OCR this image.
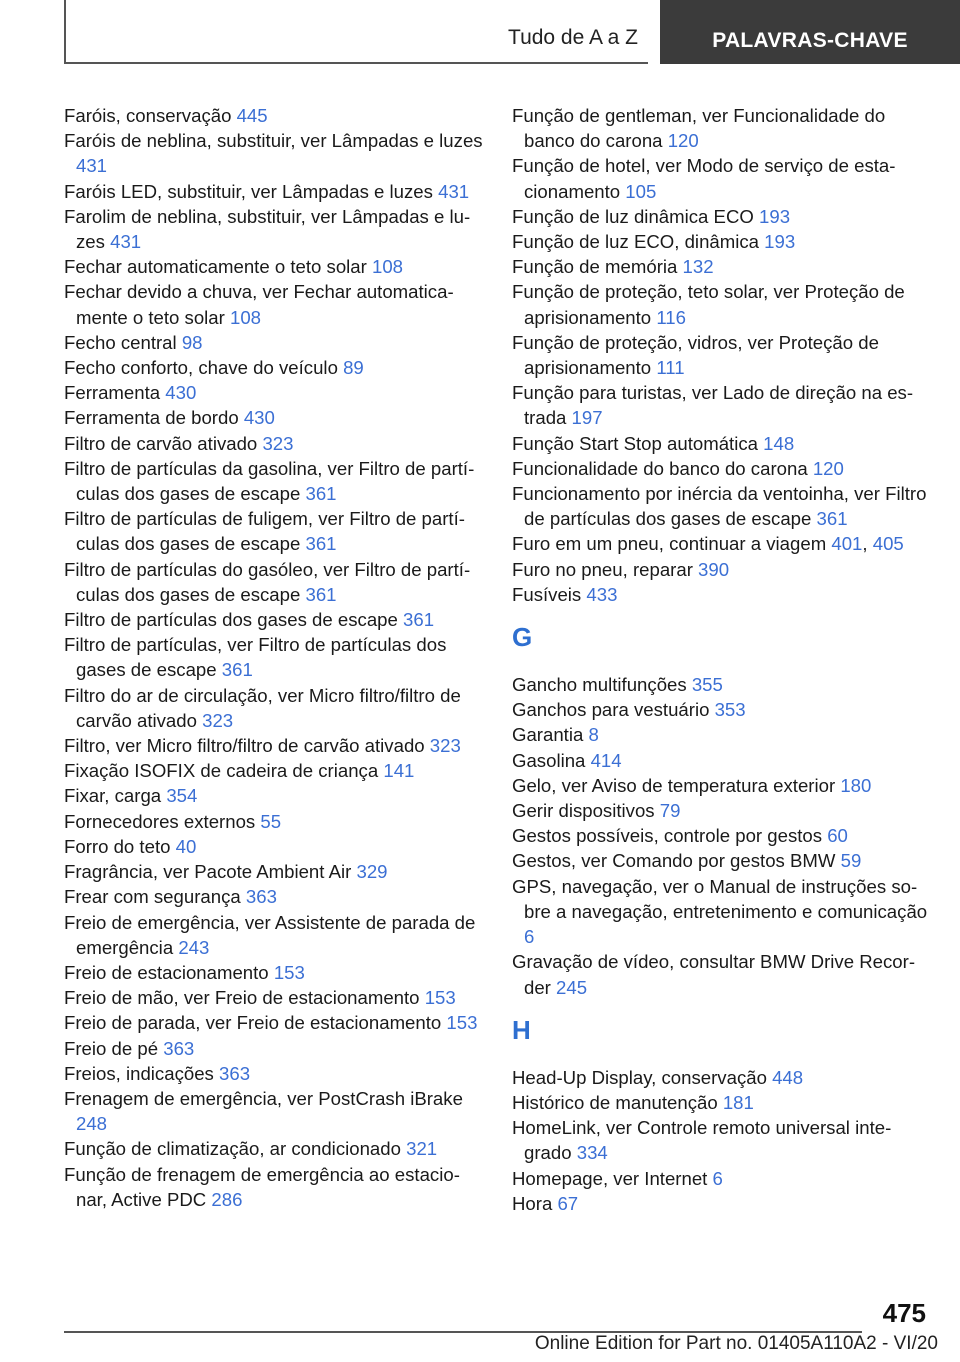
Tudo de A a Z	PALAVRAS-CHAVE
Faróis, conservação 445
Faróis de neblina, substituir, ver Lâmpadas e luzes 431
Faróis LED, substituir, ver Lâmpadas e luzes 431
Farolim de neblina, substituir, ver Lâmpadas e luzes 431
Fechar automaticamente o teto solar 108
Fechar devido a chuva, ver Fechar automaticamente o teto solar 108
Fecho central 98
Fecho conforto, chave do veículo 89
Ferramenta 430
Ferramenta de bordo 430
Filtro de carvão ativado 323
Filtro de partículas da gasolina, ver Filtro de partículas dos gases de escape 361
Filtro de partículas de fuligem, ver Filtro de partículas dos gases de escape 361
Filtro de partículas do gasóleo, ver Filtro de partículas dos gases de escape 361
Filtro de partículas dos gases de escape 361
Filtro de partículas, ver Filtro de partículas dos gases de escape 361
Filtro do ar de circulação, ver Micro filtro/filtro de carvão ativado 323
Filtro, ver Micro filtro/filtro de carvão ativado 323
Fixação ISOFIX de cadeira de criança 141
Fixar, carga 354
Fornecedores externos 55
Forro do teto 40
Fragrância, ver Pacote Ambient Air 329
Frear com segurança 363
Freio de emergência, ver Assistente de parada de emergência 243
Freio de estacionamento 153
Freio de mão, ver Freio de estacionamento 153
Freio de parada, ver Freio de estacionamento 153
Freio de pé 363
Freios, indicações 363
Frenagem de emergência, ver PostCrash iBrake 248
Função de climatização, ar condicionado 321
Função de frenagem de emergência ao estacionar, Active PDC 286
Função de gentleman, ver Funcionalidade do banco do carona 120
Função de hotel, ver Modo de serviço de estacionamento 105
Função de luz dinâmica ECO 193
Função de luz ECO, dinâmica 193
Função de memória 132
Função de proteção, teto solar, ver Proteção de aprisionamento 116
Função de proteção, vidros, ver Proteção de aprisionamento 111
Função para turistas, ver Lado de direção na estrada 197
Função Start Stop automática 148
Funcionalidade do banco do carona 120
Funcionamento por inércia da ventoinha, ver Filtro de partículas dos gases de escape 361
Furo em um pneu, continuar a viagem 401, 405
Furo no pneu, reparar 390
Fusíveis 433
G
Gancho multifunções 355
Ganchos para vestuário 353
Garantia 8
Gasolina 414
Gelo, ver Aviso de temperatura exterior 180
Gerir dispositivos 79
Gestos possíveis, controle por gestos 60
Gestos, ver Comando por gestos BMW 59
GPS, navegação, ver o Manual de instruções sobre a navegação, entretenimento e comunicação 6
Gravação de vídeo, consultar BMW Drive Recorder 245
H
Head-Up Display, conservação 448
Histórico de manutenção 181
HomeLink, ver Controle remoto universal integrado 334
Homepage, ver Internet 6
Hora 67
475
Online Edition for Part no. 01405A110A2 - VI/20
